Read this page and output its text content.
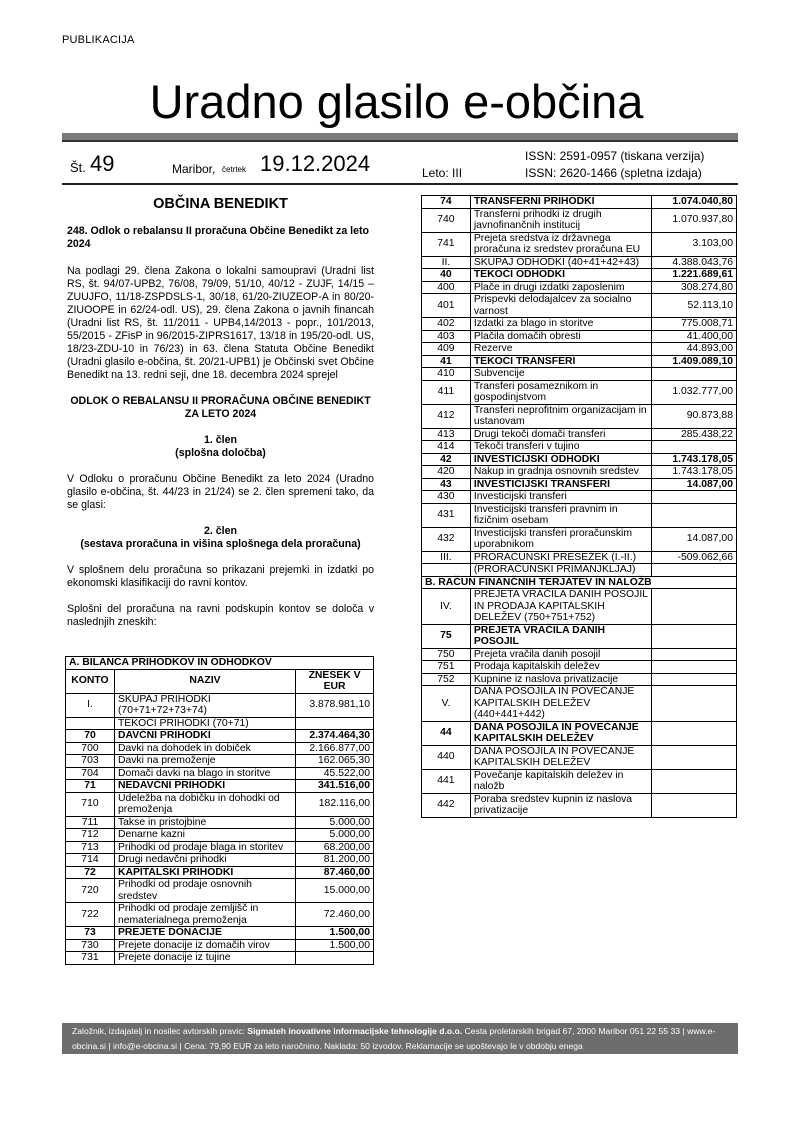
PUBLIKACIJA
Uradno glasilo e-občina
Št. 49	Maribor, četrtek 19.12.2024	Leto: III
ISSN: 2591-0957 (tiskana verzija)
ISSN: 2620-1466 (spletna izdaja)
OBČINA BENEDIKT
248. Odlok o rebalansu II proračuna Občine Benedikt za leto 2024

Na podlagi 29. člena Zakona o lokalni samoupravi (Uradni list RS, št. 94/07-UPB2, 76/08, 79/09, 51/10, 40/12 - ZUJF, 14/15 – ZUUJFO, 11/18-ZSPDSLS-1, 30/18, 61/20-ZIUZEOP-A in 80/20-ZIUOOPE in 62/24-odl. US), 29. člena Zakona o javnih financah (Uradni list RS, št. 11/2011 - UPB4,14/2013 - popr., 101/2013, 55/2015 - ZFisP in 96/2015-ZIPRS1617, 13/18 in 195/20-odl. US, 18/23-ZDU-10 in 76/23) in 63. člena Statuta Občine Benedikt (Uradni glasilo e-občina, št. 20/21-UPB1) je Občinski svet Občine Benedikt na 13. redni seji, dne 18. decembra 2024 sprejel

ODLOK O REBALANSU II PRORAČUNA OBČINE BENEDIKT ZA LETO 2024
1. člen
(splošna določba)

V Odloku o proračunu Občine Benedikt za leto 2024 (Uradno glasilo e-občina, št. 44/23 in 21/24) se 2. člen spremeni tako, da se glasi:

2. člen
(sestava proračuna in višina splošnega dela proračuna)

V splošnem delu proračuna so prikazani prejemki in izdatki po ekonomski klasifikaciji do ravni kontov.

Splošni del proračuna na ravni podskupin kontov se določa v naslednjih zneskih:

A. BILANCA PRIHODKOV IN ODHODKOV		
KONTO	NAZIV	ZNESEK V EUR
I.	SKUPAJ PRIHODKI (70+71+72+73+74)	3.878.981,10
	TEKOČI PRIHODKI (70+71)	
70	DAVČNI PRIHODKI	2.374.464,30
700	Davki na dohodek in dobiček	2.166.877,00
703	Davki na premoženje	162.065,30
704	Domači davki na blago in storitve	45.522,00
71	NEDAVČNI PRIHODKI	341.516,00
710	Udeležba na dobičku in dohodki od premoženja	182.116,00
711	Takse in pristojbine	5.000,00
712	Denarne kazni	5.000,00
713	Prihodki od prodaje blaga in storitev	68.200,00
714	Drugi nedavčni prihodki	81.200,00
72	KAPITALSKI PRIHODKI	87.460,00
720	Prihodki od prodaje osnovnih sredstev	15.000,00
722	Prihodki od prodaje zemljišč in nematerialnega premoženja	72.460,00
73	PREJETE DONACIJE	1.500,00
730	Prejete donacije iz domačih virov	1.500,00
731	Prejete donacije iz tujine	
74	TRANSFERNI PRIHODKI	1.074.040,80
740	Transferni prihodki iz drugih javnofinančnih institucij	1.070.937,80
741	Prejeta sredstva iz državnega proračuna iz sredstev proračuna EU	3.103,00
II.	SKUPAJ ODHODKI (40+41+42+43)	4.388.043,76
40	TEKOČI ODHODKI	1.221.689,61
400	Plače in drugi izdatki zaposlenim	308.274,80
401	Prispevki delodajalcev za socialno varnost	52.113,10
402	Izdatki za blago in storitve	775.008,71
403	Plačila domačih obresti	41.400,00
409	Rezerve	44.893,00
41	TEKOČI TRANSFERI	1.409.089,10
410	Subvencije	
411	Transferi posameznikom in gospodinjstvom	1.032.777,00
412	Transferi neprofitnim organizacijam in ustanovam	90.873,88
413	Drugi tekoči domači transferi	285.438,22
414	Tekoči transferi v tujino	
42	INVESTICIJSKI ODHODKI	1.743.178,05
420	Nakup in gradnja osnovnih sredstev	1.743.178,05
43	INVESTICIJSKI TRANSFERI	14.087,00
430	Investicijski transferi	
431	Investicijski transferi pravnim in fizičnim osebam	
432	Investicijski transferi proračunskim uporabnikom	14.087,00
III.	PRORAČUNSKI PRESEŽEK (I.-II.)	-509.062,66
	(PRORAČUNSKI PRIMANJKLJAJ)	
B. RAČUN FINANČNIH TERJATEV IN NALOŽB		
IV.	PREJETA VRAČILA DANIH POSOJIL IN PRODAJA KAPITALSKIH DELEŽEV (750+751+752)	
75	PREJETA VRAČILA DANIH POSOJIL	
750	Prejeta vračila danih posojil	
751	Prodaja kapitalskih deležev	
752	Kupnine iz naslova privatizacije	
V.	DANA POSOJILA IN POVEČANJE KAPITALSKIH DELEŽEV (440+441+442)	
44	DANA POSOJILA IN POVEČANJE KAPITALSKIH DELEŽEV	
440	DANA POSOJILA IN POVEČANJE KAPITALSKIH DELEŽEV	
441	Povečanje kapitalskih deležev in naložb	
442	Poraba sredstev kupnin iz naslova privatizacije	
Založnik, izdajatelj in nosilec avtorskih pravic: Sigmateh inovativne informacijske tehnologije d.o.o. Cesta proletarskih brigad 67, 2000 Maribor 051 22 55 33 | www.e-obcina.si | info@e-obcina.si | Cena: 79,90 EUR za leto naročnino. Naklada: 50 izvodov. Reklamacije se upoštevajo le v obdobju enega
